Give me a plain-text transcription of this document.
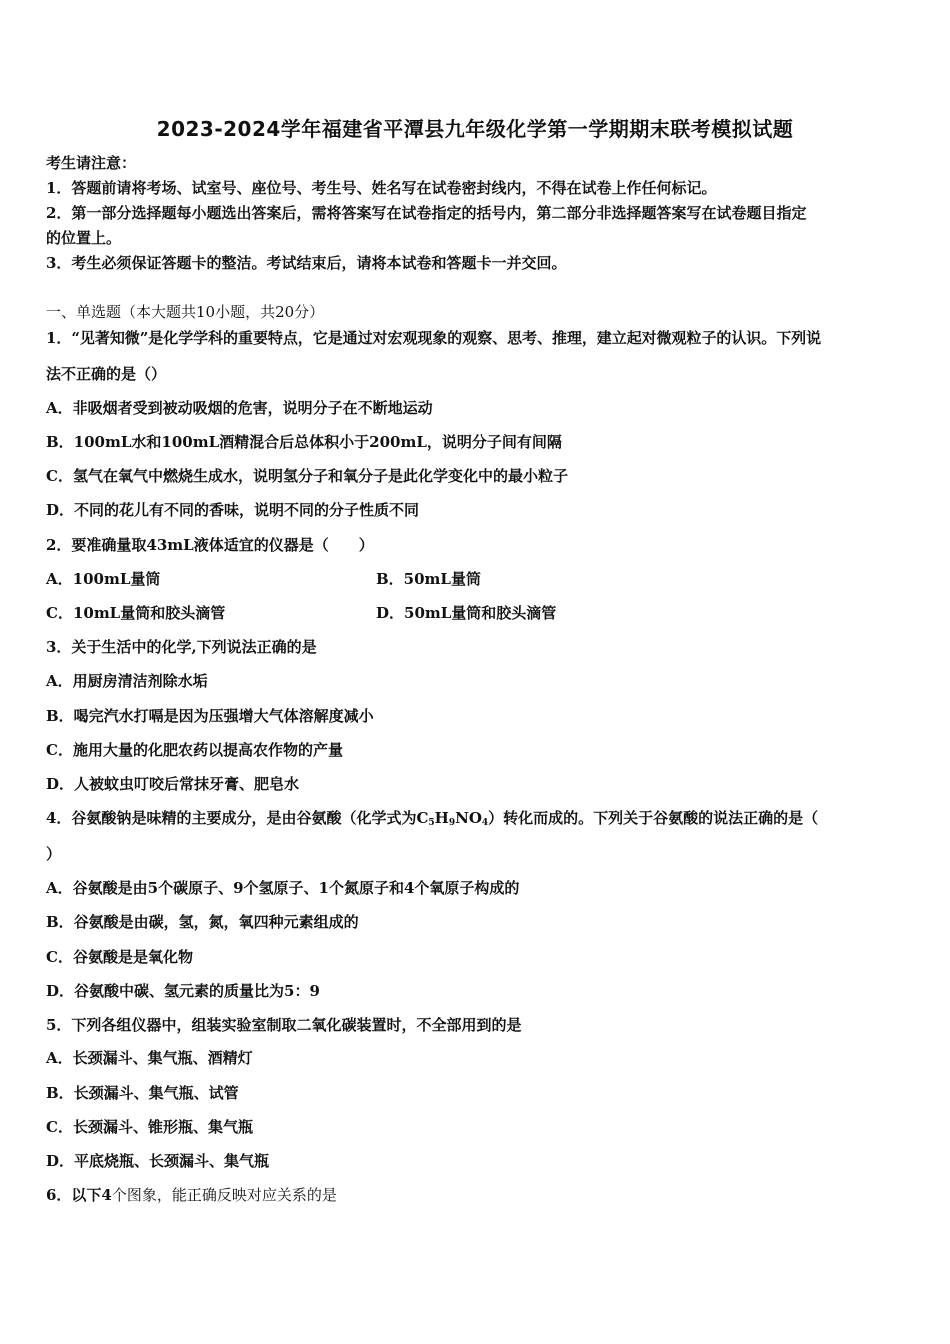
2023-2024学年福建省平潭县九年级化学第一学期期末联考模拟试题
考生请注意：
1．答题前请将考场、试室号、座位号、考生号、姓名写在试卷密封线内，不得在试卷上作任何标记。
2．第一部分选择题每小题选出答案后，需将答案写在试卷指定的括号内，第二部分非选择题答案写在试卷题目指定
的位置上。
3．考生必须保证答题卡的整洁。考试结束后，请将本试卷和答题卡一并交回。
一、单选题（本大题共10小题，共20分）
1．“见著知微”是化学学科的重要特点，它是通过对宏观现象的观察、思考、推理，建立起对微观粒子的认识。下列说
法不正确的是（）
A．非吸烟者受到被动吸烟的危害，说明分子在不断地运动
B．100mL水和100mL酒精混合后总体积小于200mL，说明分子间有间隔
C．氢气在氧气中燃烧生成水，说明氢分子和氧分子是此化学变化中的最小粒子
D．不同的花儿有不同的香味，说明不同的分子性质不同
2．要准确量取43mL液体适宜的仪器是（　　）
A．100mL量筒	B．50mL量筒
C．10mL量筒和胶头滴管	D．50mL量筒和胶头滴管
3．关于生活中的化学,下列说法正确的是
A．用厨房清洁剂除水垢
B．喝完汽水打嗝是因为压强增大气体溶解度减小
C．施用大量的化肥农药以提高农作物的产量
D．人被蚊虫叮咬后常抹牙膏、肥皂水
4．谷氨酸钠是味精的主要成分，是由谷氨酸（化学式为$C_5H_9NO_4$）转化而成的。下列关于谷氨酸的说法正确的是（
）
A．谷氨酸是由5个碳原子、9个氢原子、1个氮原子和4个氧原子构成的
B．谷氨酸是由碳，氢，氮，氧四种元素组成的
C．谷氨酸是是氧化物
D．谷氨酸中碳、氢元素的质量比为5：9
5．下列各组仪器中，组装实验室制取二氧化碳装置时，不全部用到的是
A．长颈漏斗、集气瓶、酒精灯
B．长颈漏斗、集气瓶、试管
C．长颈漏斗、锥形瓶、集气瓶
D．平底烧瓶、长颈漏斗、集气瓶
6．以下4个图象，能正确反映对应关系的是
